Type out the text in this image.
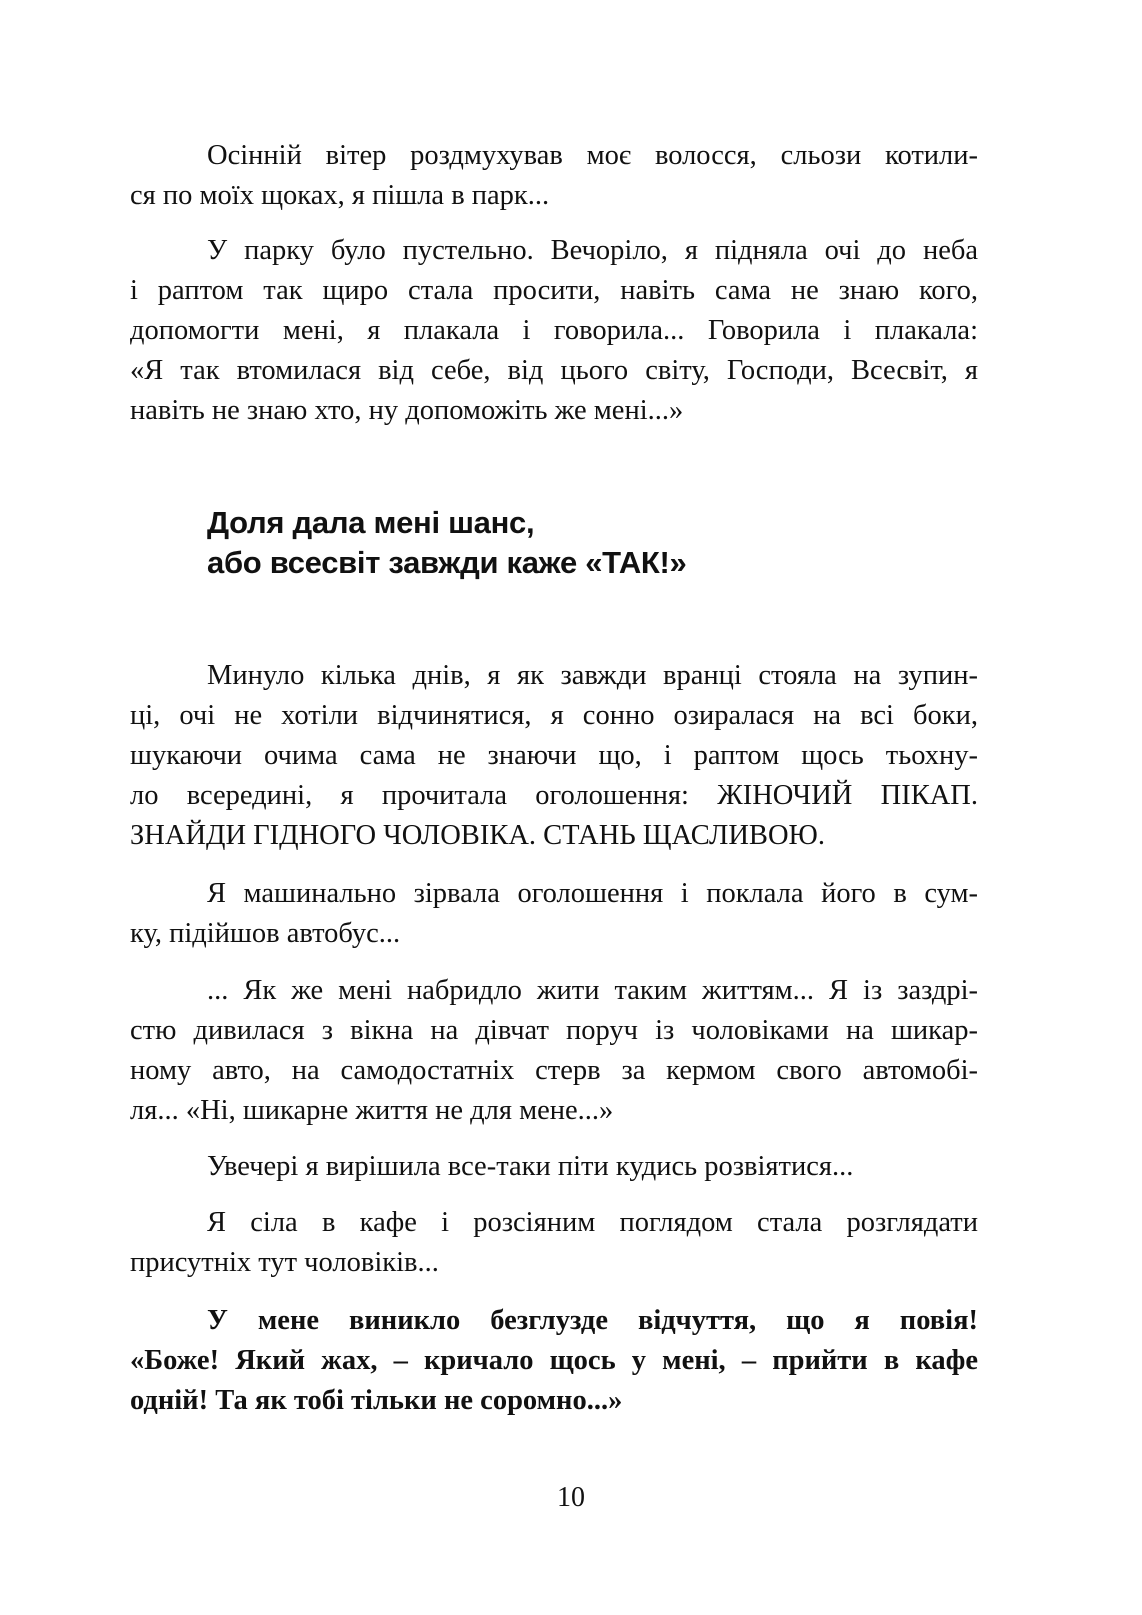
Доля дала мені шанс,
або всесвіт завжди каже «ТАК!»
10
Осінній вітер роздмухував моє волосся, сльози котили-
ся по моїх щоках, я пішла в парк...
У парку було пустельно. Вечоріло, я підняла очі до неба
і раптом так щиро стала просити, навіть сама не знаю кого,
допомогти мені, я плакала і говорила... Говорила і плакала:
«Я так втомилася від себе, від цього світу, Господи, Всесвіт, я
навіть не знаю хто, ну допоможіть же мені...»
Минуло кілька днів, я як завжди вранці стояла на зупин-
ці, очі не хотіли відчинятися, я сонно озиралася на всі боки,
шукаючи очима сама не знаючи що, і раптом щось тьохну-
ло всередині, я прочитала оголошення: ЖІНОЧИЙ ПІКАП.
ЗНАЙДИ ГІДНОГО ЧОЛОВІКА. СТАНЬ ЩАСЛИВОЮ.
Я машинально зірвала оголошення і поклала його в сум-
ку, підійшов автобус...
... Як же мені набридло жити таким життям... Я із заздрі-
стю дивилася з вікна на дівчат поруч із чоловіками на шикар-
ному авто, на самодостатніх стерв за кермом свого автомобі-
ля... «Ні, шикарне життя не для мене...»
Увечері я вирішила все-таки піти кудись розвіятися...
Я сіла в кафе і розсіяним поглядом стала розглядати
присутніх тут чоловіків...
У мене виникло безглузде відчуття, що я повія!
«Боже! Який жах, – кричало щось у мені, – прийти в кафе
одній! Та як тобі тільки не соромно...»
